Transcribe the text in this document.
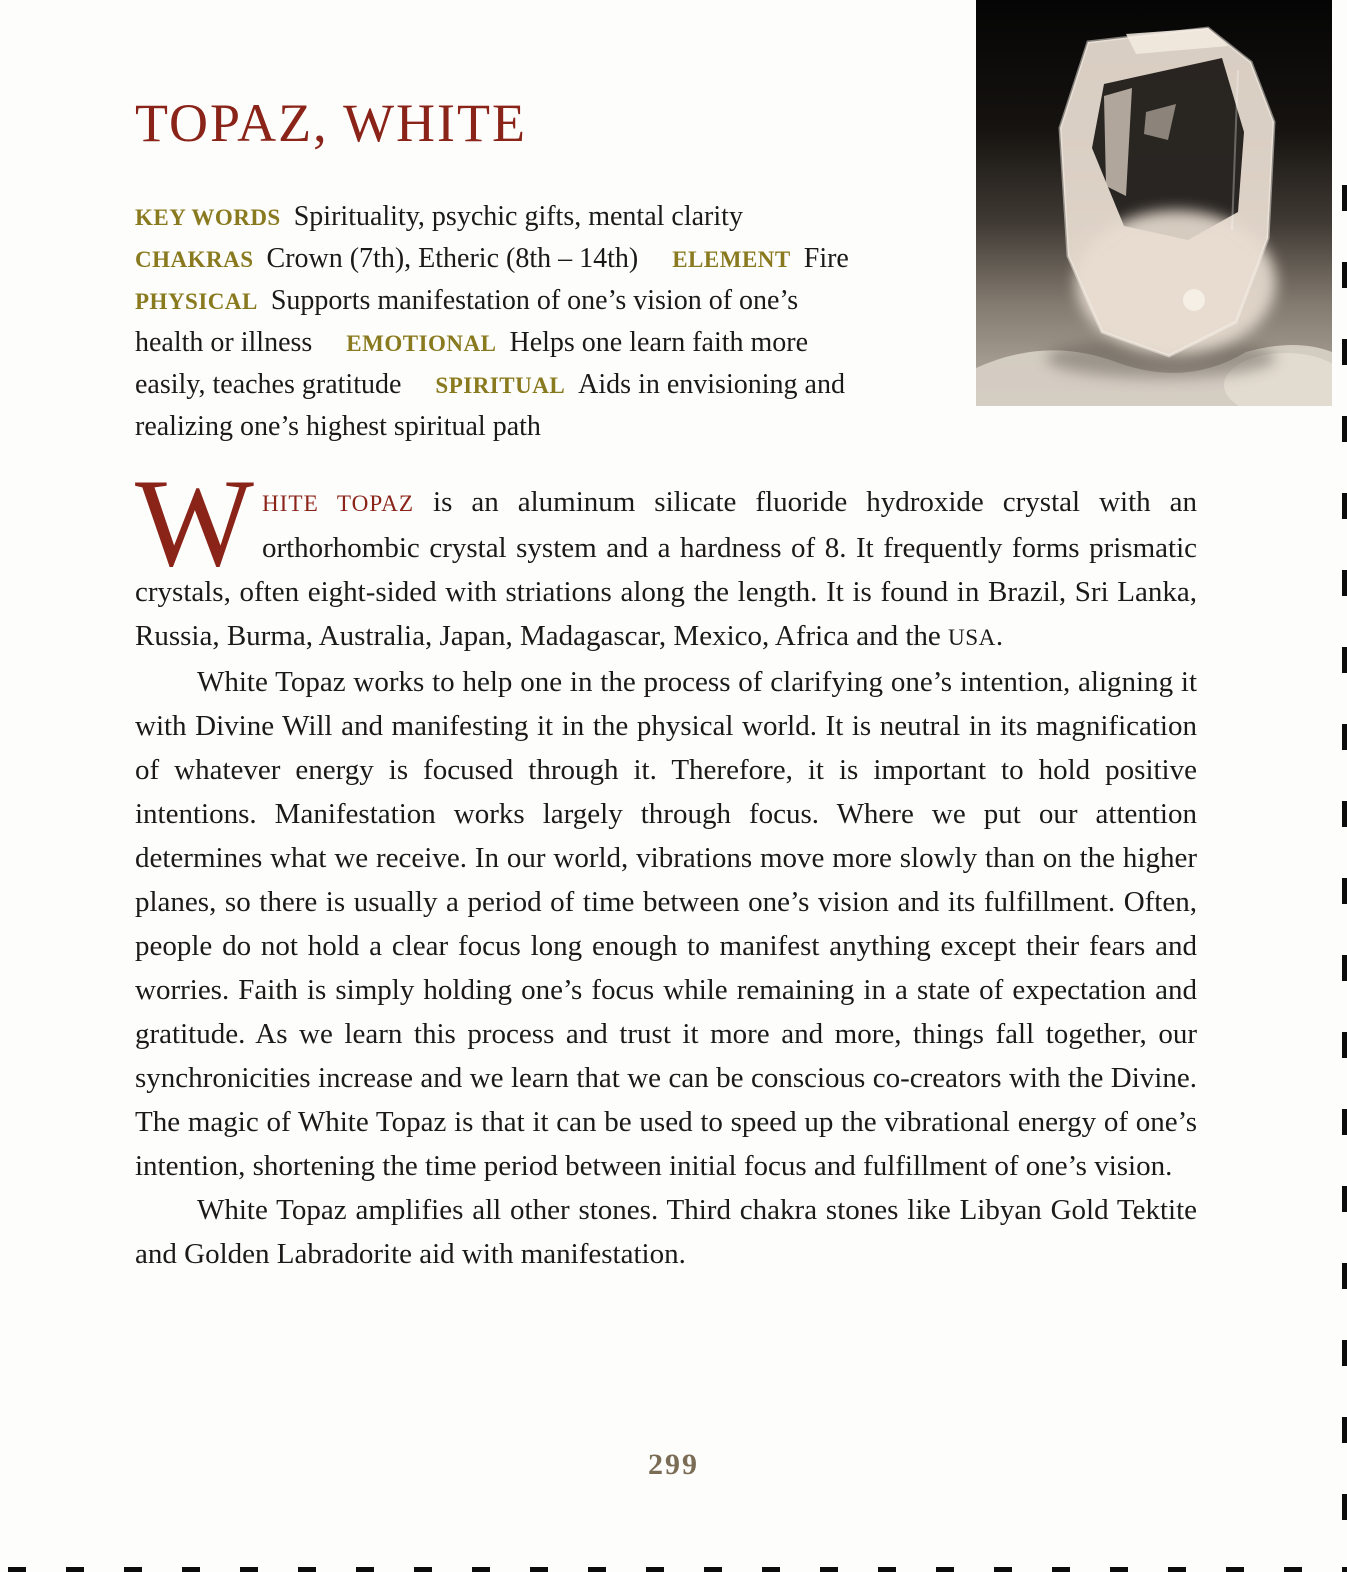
TOPAZ, WHITE
KEY WORDS Spirituality, psychic gifts, mental clarity
CHAKRAS Crown (7th), Etheric (8th – 14th) ELEMENT Fire
PHYSICAL Supports manifestation of one’s vision of one’s
health or illness EMOTIONAL Helps one learn faith more
easily, teaches gratitude SPIRITUAL Aids in envisioning and
realizing one’s highest spiritual path

WHITE TOPAZ is an aluminum silicate fluoride hydroxide crystal with an orthorhombic crystal system and a hardness of 8. It frequently forms prismatic crystals, often eight-sided with striations along the length. It is found in Brazil, Sri Lanka, Russia, Burma, Australia, Japan, Madagascar, Mexico, Africa and the USA.

White Topaz works to help one in the process of clarifying one’s intention, aligning it with Divine Will and manifesting it in the physical world. It is neutral in its magnification of whatever energy is focused through it. Therefore, it is important to hold positive intentions. Manifestation works largely through focus. Where we put our attention determines what we receive. In our world, vibrations move more slowly than on the higher planes, so there is usually a period of time between one’s vision and its fulfillment. Often, people do not hold a clear focus long enough to manifest anything except their fears and worries. Faith is simply holding one’s focus while remaining in a state of expectation and gratitude. As we learn this process and trust it more and more, things fall together, our synchronicities increase and we learn that we can be conscious co-creators with the Divine. The magic of White Topaz is that it can be used to speed up the vibrational energy of one’s intention, shortening the time period between initial focus and fulfillment of one’s vision.

White Topaz amplifies all other stones. Third chakra stones like Libyan Gold Tektite and Golden Labradorite aid with manifestation.

299
